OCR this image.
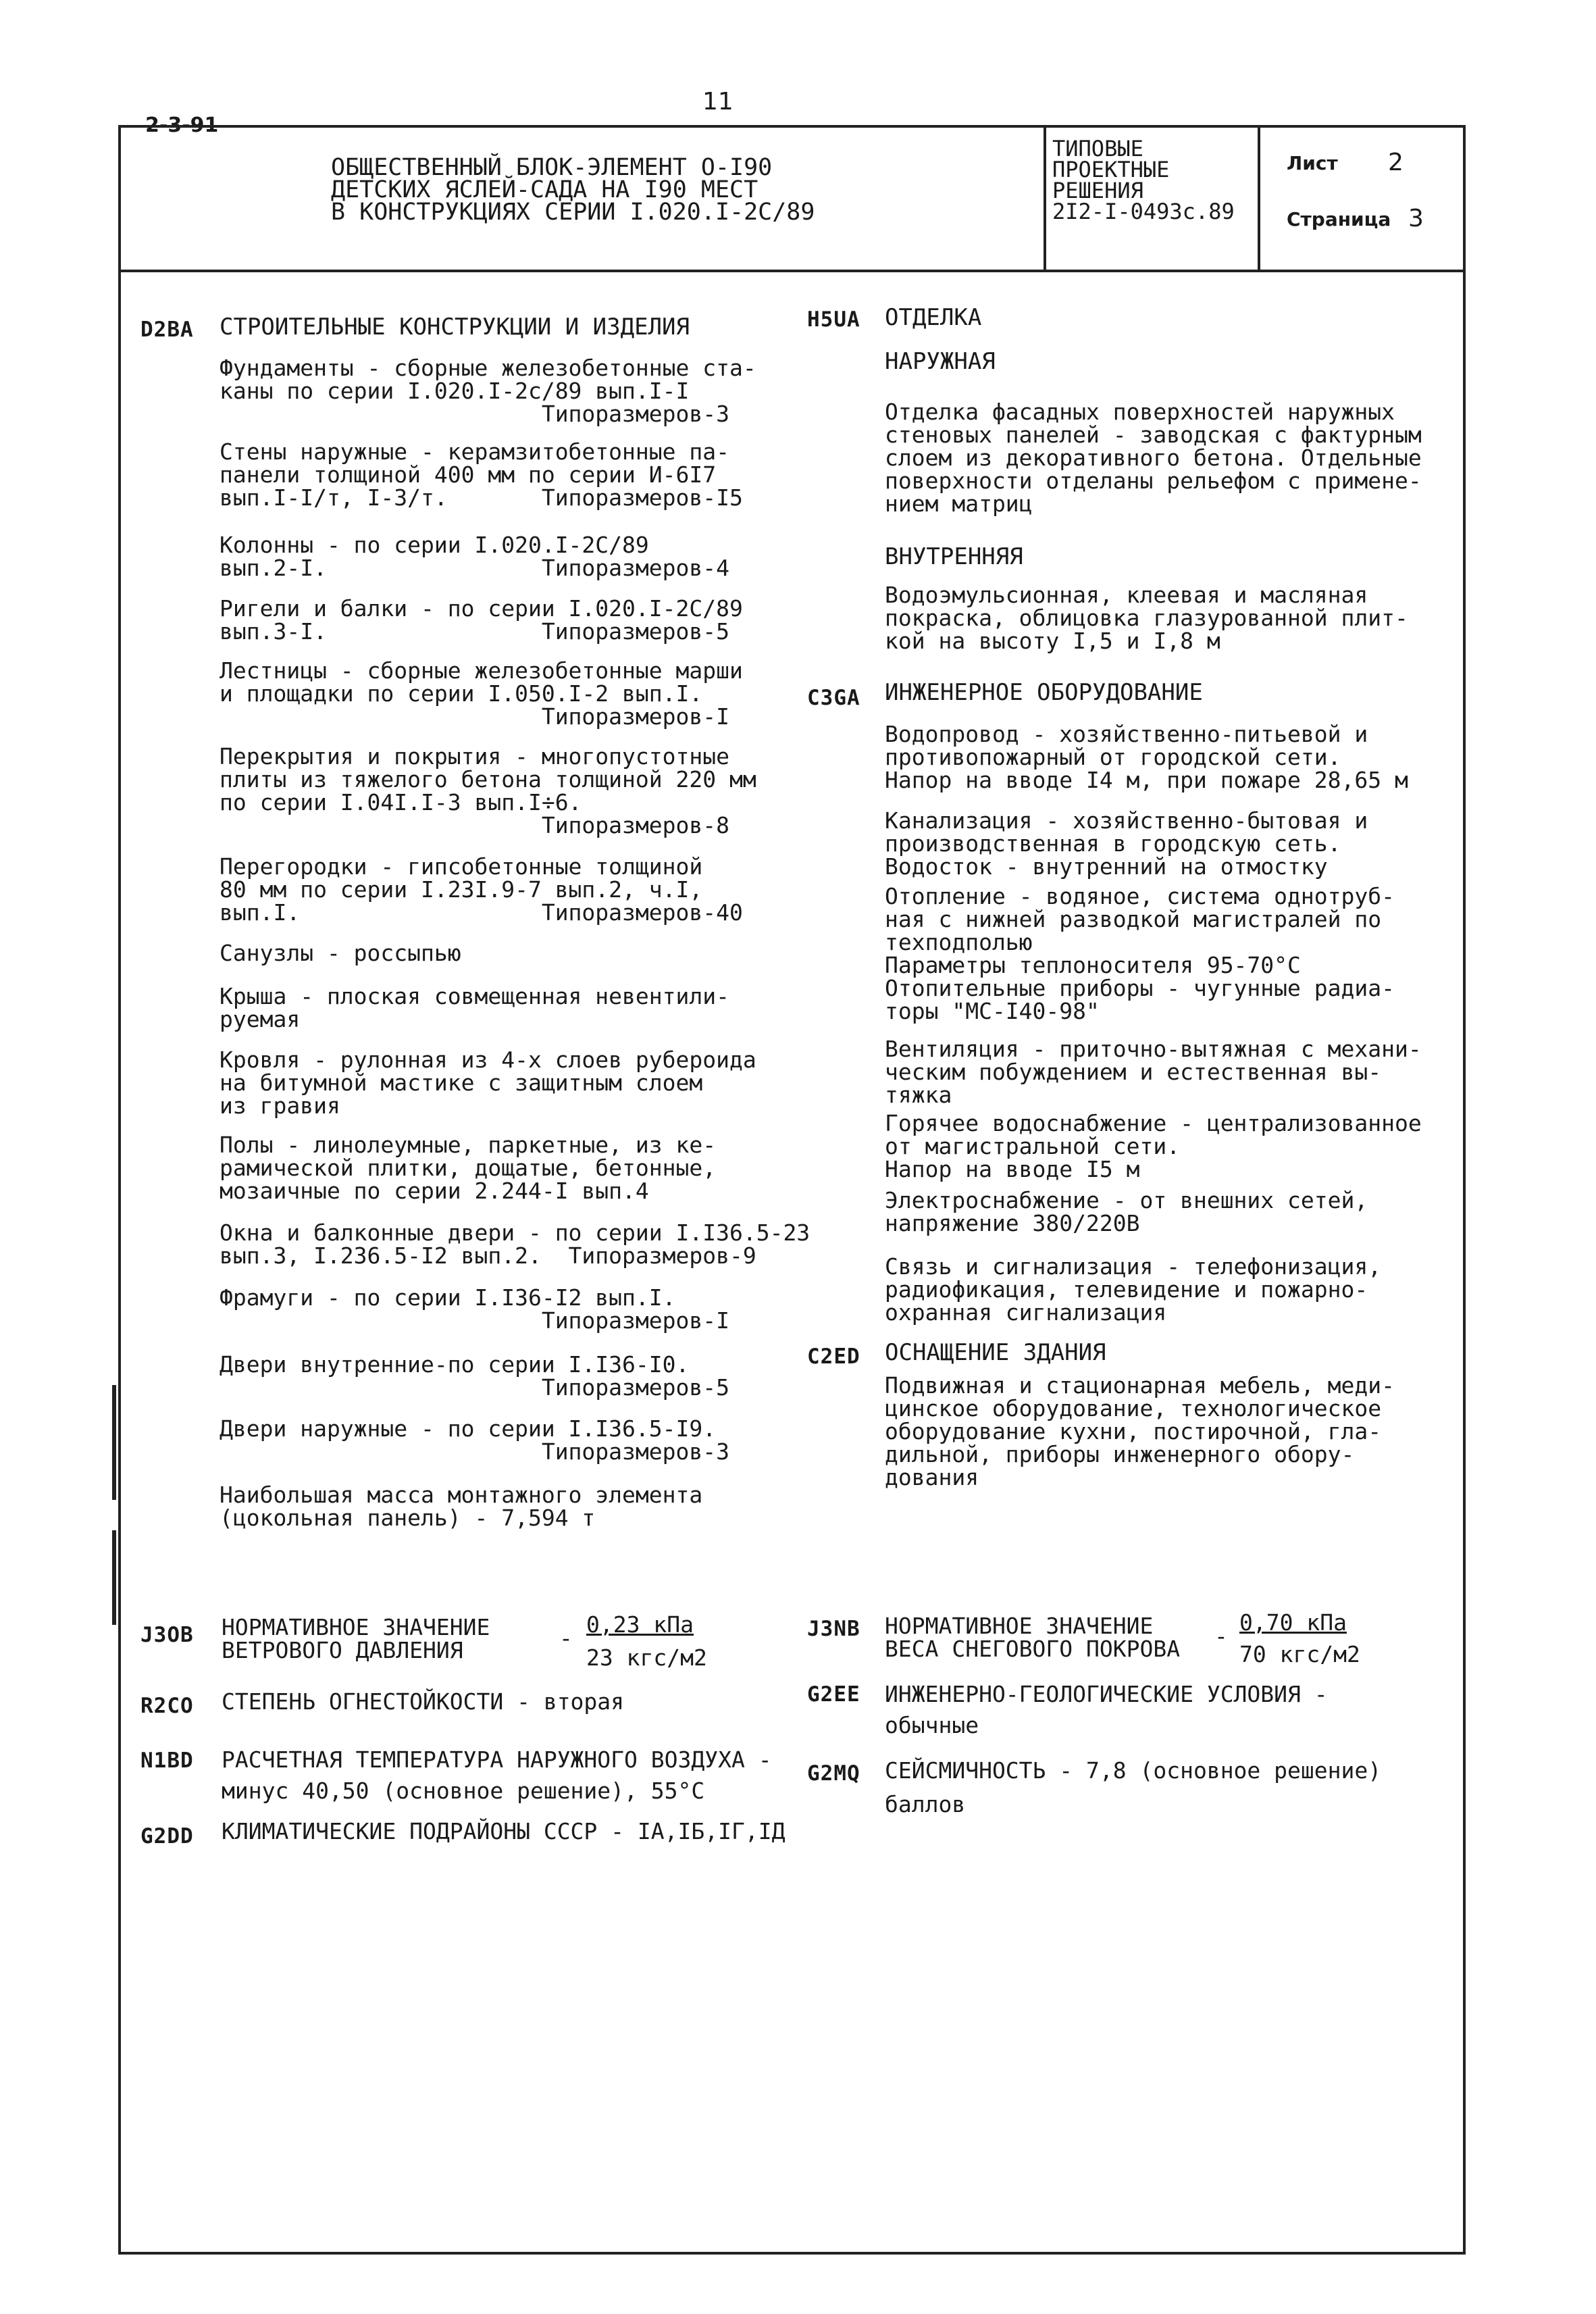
2-3-91
11
ОБЩЕСТВЕННЫЙ БЛОК-ЭЛЕМЕНТ О-I90
ДЕТСКИХ ЯСЛЕЙ-САДА НА I90 МЕСТ
В КОНСТРУКЦИЯХ СЕРИИ I.020.I-2С/89
ТИПОВЫЕ
ПРОЕКТНЫЕ
РЕШЕНИЯ
2I2-I-0493с.89
Лист 2
Страница 3
D2BA СТРОИТЕЛЬНЫЕ КОНСТРУКЦИИ И ИЗДЕЛИЯ
Фундаменты - сборные железобетонные ста-
каны по серии I.020.I-2с/89 вып.I-I
Типоразмеров-3
Стены наружные - керамзитобетонные па-
панели толщиной 400 мм по серии И-6I7
вып.I-I/т, I-3/т.       Типоразмеров-I5
Колонны - по серии I.020.I-2С/89
вып.2-I.                Типоразмеров-4
Ригели и балки - по серии I.020.I-2С/89
вып.3-I.                Типоразмеров-5
Лестницы - сборные железобетонные марши
и площадки по серии I.050.I-2 вып.I.
Типоразмеров-I
Перекрытия и покрытия - многопустотные
плиты из тяжелого бетона толщиной 220 мм
по серии I.04I.I-3 вып.I÷6.
Типоразмеров-8
Перегородки - гипсобетонные толщиной
80 мм по серии I.23I.9-7 вып.2, ч.I,
вып.I.                  Типоразмеров-40
Санузлы - россыпью
Крыша - плоская совмещенная невентили-
руемая
Кровля - рулонная из 4-х слоев рубероида
на битумной мастике с защитным слоем
из гравия
Полы - линолеумные, паркетные, из ке-
рамической плитки, дощатые, бетонные,
мозаичные по серии 2.244-I вып.4
Окна и балконные двери - по серии I.I36.5-23
вып.3, I.236.5-I2 вып.2.  Типоразмеров-9
Фрамуги - по серии I.I36-I2 вып.I.
Типоразмеров-I
Двери внутренние-по серии I.I36-I0.
Типоразмеров-5
Двери наружные - по серии I.I36.5-I9.
Типоразмеров-3
Наибольшая масса монтажного элемента
(цокольная панель) - 7,594 т
H5UA ОТДЕЛКА
НАРУЖНАЯ
Отделка фасадных поверхностей наружных
стеновых панелей - заводская с фактурным
слоем из декоративного бетона. Отдельные
поверхности отделаны рельефом с применe-
нием матриц
ВНУТРЕННЯЯ
Водоэмульсионная, клеевая и масляная
покраска, облицовка глазурованной плит-
кой на высоту I,5 и I,8 м
C3GA ИНЖЕНЕРНОЕ ОБОРУДОВАНИЕ
Водопровод - хозяйственно-питьевой и
противопожарный от городской сети.
Напор на вводе I4 м, при пожаре 28,65 м
Канализация - хозяйственно-бытовая и
производственная в городскую сеть.
Водосток - внутренний на отмостку
Отопление - водяное, система однотруб-
ная с нижней разводкой магистралей по
техподполью
Параметры теплоносителя 95-70°С
Отопительные приборы - чугунные радиа-
торы "МС-I40-98"
Вентиляция - приточно-вытяжная с механи-
ческим побуждением и естественная вы-
тяжка
Горячее водоснабжение - централизованное
от магистральной сети.
Напор на вводе I5 м
Электроснабжение - от внешних сетей,
напряжение 380/220В
Связь и сигнализация - телефонизация,
радиофикация, телевидение и пожарно-
охранная сигнализация
C2ED ОСНАЩЕНИЕ ЗДАНИЯ
Подвижная и стационарная мебель, меди-
цинское оборудование, технологическое
оборудование кухни, постирочной, гла-
дильной, приборы инженерного обору-
дования
J3OB НОРМАТИВНОЕ ЗНАЧЕНИЕ
ВЕТРОВОГО ДАВЛЕНИЯ	-
0,23 кПа
23 кгс/м2
R2CO СТЕПЕНЬ ОГНЕСТОЙКОСТИ - вторая
N1BD РАСЧЕТНАЯ ТЕМПЕРАТУРА НАРУЖНОГО ВОЗДУХА -
минус 40,50 (основное решение), 55°С
G2DD КЛИМАТИЧЕСКИЕ ПОДРАЙОНЫ СССР - IА,IБ,IГ,IД
J3NB НОРМАТИВНОЕ ЗНАЧЕНИЕ
ВЕСА СНЕГОВОГО ПОКРОВА -
0,70 кПа
70 кгс/м2
G2EE ИНЖЕНЕРНО-ГЕОЛОГИЧЕСКИЕ УСЛОВИЯ -
обычные
G2MQ СЕЙСМИЧНОСТЬ - 7,8 (основное решение)
баллов
